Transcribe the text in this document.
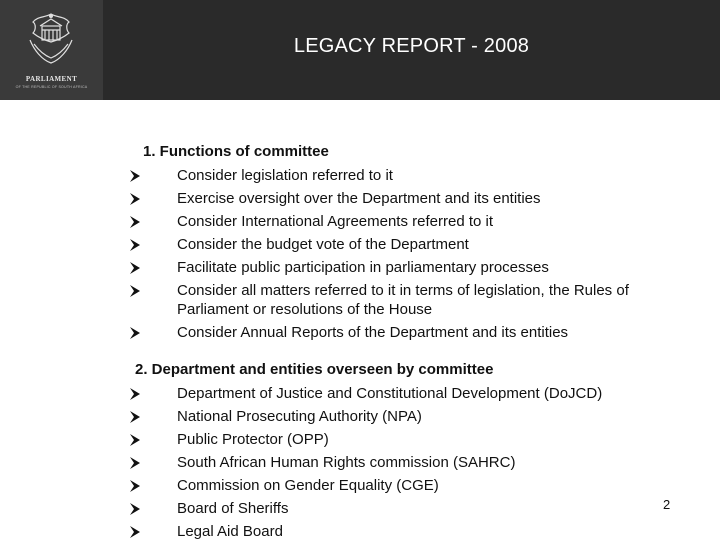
PARLIAMENT
OF THE REPUBLIC OF SOUTH AFRICA
LEGACY REPORT - 2008
1. Functions of committee
Consider legislation referred to it
Exercise oversight over the Department and its entities
Consider International Agreements referred to it
Consider the budget vote of the Department
Facilitate public participation in parliamentary processes
Consider all matters referred to it in terms of legislation, the Rules of Parliament or resolutions of the House
Consider Annual Reports of the Department and its entities
2. Department and entities overseen by committee
Department of Justice and Constitutional Development (DoJCD)
National Prosecuting Authority (NPA)
Public Protector (OPP)
South African Human Rights commission (SAHRC)
Commission on Gender Equality (CGE)
Board of Sheriffs
Legal Aid Board
2
